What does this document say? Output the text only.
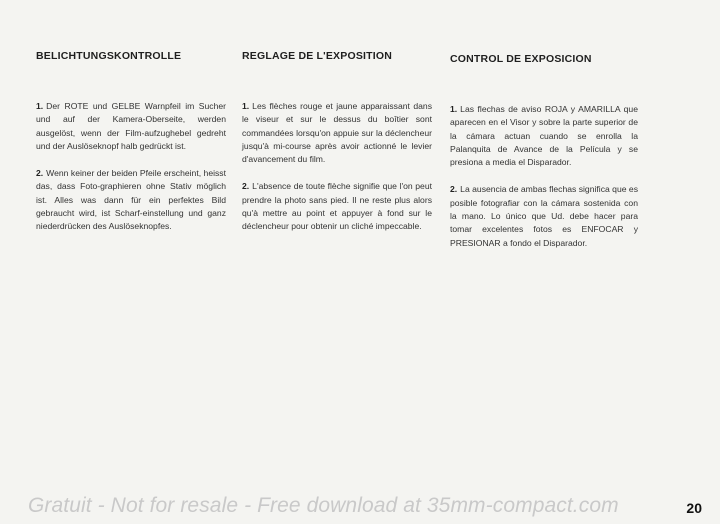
BELICHTUNGSKONTROLLE

1. Der ROTE und GELBE Warnpfeil im Sucher und auf der Kamera-Oberseite, werden ausgelöst, wenn der Film-aufzughebel gedreht und der Auslöseknopf halb gedrückt ist.

2. Wenn keiner der beiden Pfeile erscheint, heisst das, dass Foto-graphieren ohne Stativ möglich ist. Alles was dann für ein perfektes Bild gebraucht wird, ist Scharf-einstellung und ganz niederdrücken des Auslöseknopfes.

REGLAGE DE L'EXPOSITION

1. Les flèches rouge et jaune apparaissant dans le viseur et sur le dessus du boîtier sont commandées lorsqu'on appuie sur la déclencheur jusqu'à mi-course après avoir actionné le levier d'avancement du film.

2. L'absence de toute flèche signifie que l'on peut prendre la photo sans pied. Il ne reste plus alors qu'à mettre au point et appuyer à fond sur le déclencheur pour obtenir un cliché impeccable.

CONTROL DE EXPOSICION

1. Las flechas de aviso ROJA y AMARILLA que aparecen en el Visor y sobre la parte superior de la cámara actuan cuando se enrolla la Palanquita de Avance de la Película y se presiona a media el Disparador.

2. La ausencia de ambas flechas significa que es posible fotografiar con la cámara sostenida con la mano. Lo único que Ud. debe hacer para tomar excelentes fotos es ENFOCAR y PRESIONAR a fondo el Disparador.

Gratuit - Not for resale - Free download at 35mm-compact.com	20
